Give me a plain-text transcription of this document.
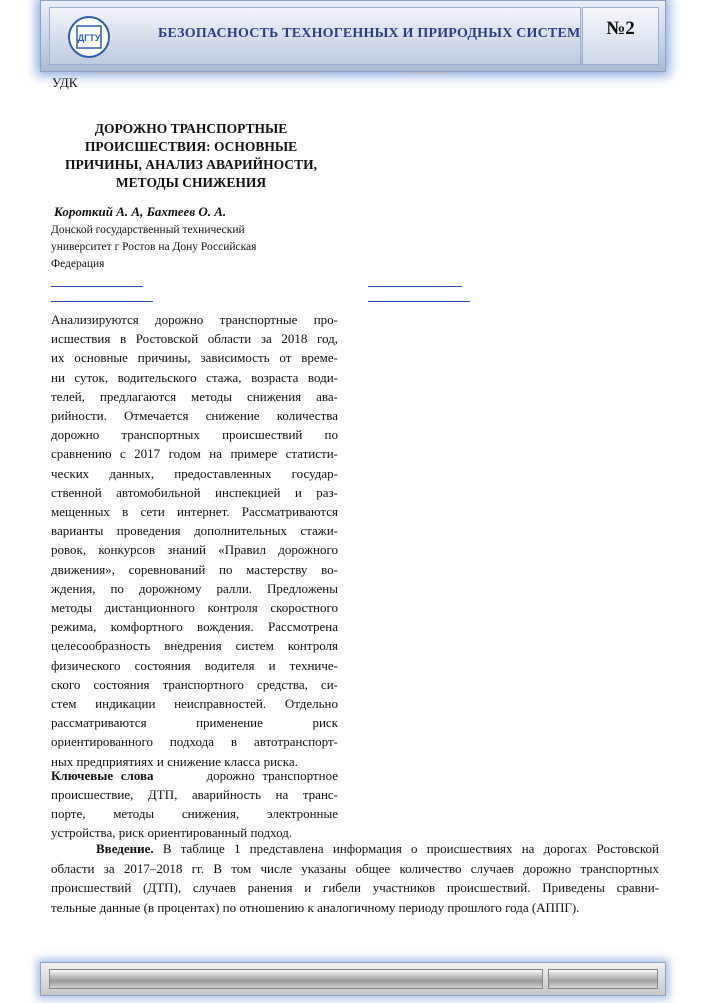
ДГТУ	БЕЗОПАСНОСТЬ ТЕХНОГЕННЫХ И ПРИРОДНЫХ СИСТЕМ	№2
УДК
ДОРОЖНО ТРАНСПОРТНЫЕ
ПРОИСШЕСТВИЯ: ОСНОВНЫЕ
ПРИЧИНЫ, АНАЛИЗ АВАРИЙНОСТИ,
МЕТОДЫ СНИЖЕНИЯ
Короткий А. А, Бахтеев О. А.
Донской государственный технический
университет г Ростов на Дону Российская
Федерация
Анализируются дорожно транспортные про-
исшествия в Ростовской области за 2018 год,
их основные причины, зависимость от време-
ни суток, водительского стажа, возраста води-
телей, предлагаются методы снижения ава-
рийности. Отмечается снижение количества
дорожно транспортных происшествий по
сравнению с 2017 годом на примере статисти-
ческих данных, предоставленных государ-
ственной автомобильной инспекцией и раз-
мещенных в сети интернет. Рассматриваются
варианты проведения дополнительных стажи-
ровок, конкурсов знаний «Правил дорожного
движения», соревнований по мастерству во-
ждения, по дорожному ралли. Предложены
методы дистанционного контроля скоростного
режима, комфортного вождения. Рассмотрена
целесообразность внедрения систем контроля
физического состояния водителя и техниче-
ского состояния транспортного средства, си-
стем индикации неисправностей. Отдельно
рассматриваются применение риск
ориентированного подхода в автотранспорт-
ных предприятиях и снижение класса риска.
Ключевые слова	дорожно транспортное
происшествие, ДТП, аварийность на транс-
порте, методы снижения, электронные
устройства, риск ориентированный подход.
Введение. В таблице 1 представлена информация о происшествиях на дорогах Ростовской
области за 2017–2018 гг. В том числе указаны общее количество случаев дорожно транспортных
происшествий (ДТП), случаев ранения и гибели участников происшествий. Приведены сравни-
тельные данные (в процентах) по отношению к аналогичному периоду прошлого года (АППГ).
